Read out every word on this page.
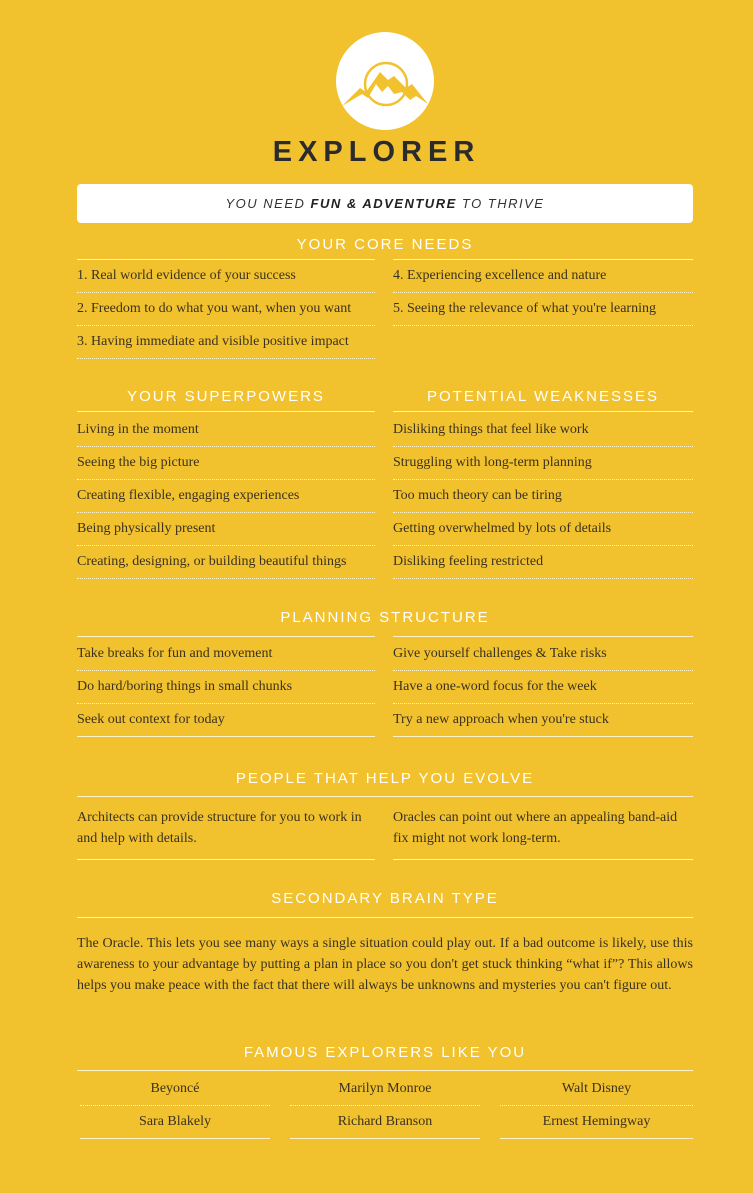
EXPLORER
YOU NEED FUN & ADVENTURE TO THRIVE
YOUR CORE NEEDS
1. Real world evidence of your success
2. Freedom to do what you want, when you want
3. Having immediate and visible positive impact
4. Experiencing excellence and nature
5. Seeing the relevance of what you're learning
YOUR SUPERPOWERS	POTENTIAL WEAKNESSES
Living in the moment
Seeing the big picture
Creating flexible, engaging experiences
Being physically present
Creating, designing, or building beautiful things
Disliking things that feel like work
Struggling with long-term planning
Too much theory can be tiring
Getting overwhelmed by lots of details
Disliking feeling restricted
PLANNING STRUCTURE
Take breaks for fun and movement
Do hard/boring things in small chunks
Seek out context for today
Give yourself challenges & Take risks
Have a one-word focus for the week
Try a new approach when you're stuck
PEOPLE THAT HELP YOU EVOLVE
Architects can provide structure for you to work in and help with details.
Oracles can point out where an appealing band-aid fix might not work long-term.
SECONDARY BRAIN TYPE
The Oracle. This lets you see many ways a single situation could play out. If a bad outcome is likely, use this awareness to your advantage by putting a plan in place so you don't get stuck thinking “what if”? This allows helps you make peace with the fact that there will always be unknowns and mysteries you can't figure out.
FAMOUS EXPLORERS LIKE YOU
Beyoncé
Sara Blakely
Marilyn Monroe
Richard Branson
Walt Disney
Ernest Hemingway
